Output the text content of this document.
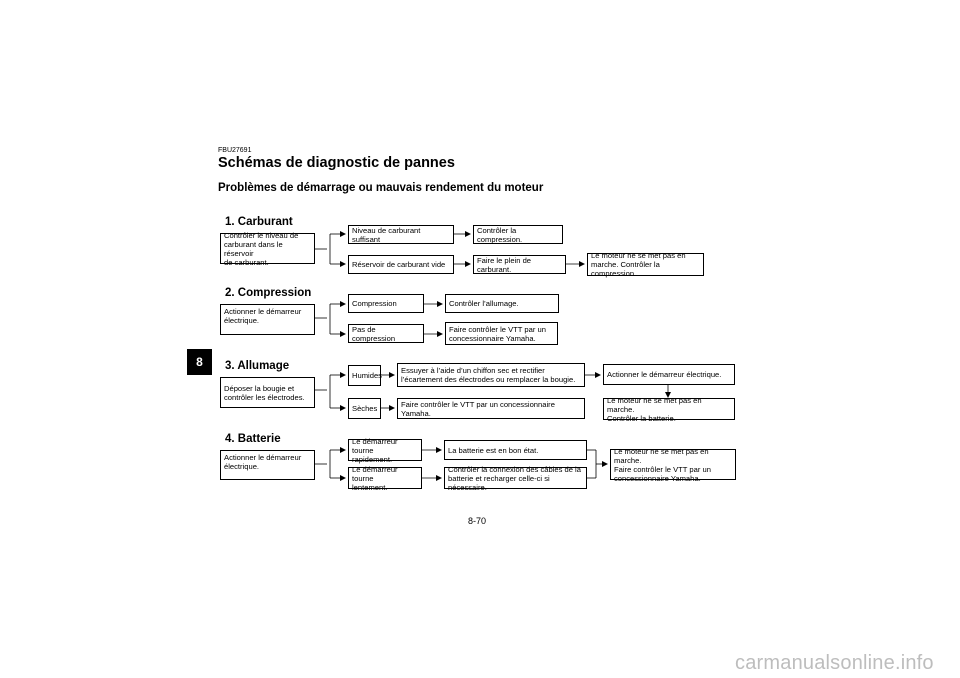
FBU27691
Schémas de diagnostic de pannes
Problèmes de démarrage ou mauvais rendement du moteur
8
1. Carburant
Contrôler le niveau de
carburant dans le réservoir
de carburant.
Niveau de carburant suffisant
Contrôler la compression.
Réservoir de carburant vide	Faire le plein de carburant.
Le moteur ne se met pas en
marche. Contrôler la compression.
2. Compression
Actionner le démarreur
électrique.
Compression	Contrôler l’allumage.
Pas de compression
Faire contrôler le VTT par un
concessionnaire Yamaha.
3. Allumage
Déposer la bougie et
contrôler les électrodes.
Humides
Essuyer à l’aide d’un chiffon sec et rectifier
l’écartement des électrodes ou remplacer la bougie.
Actionner le démarreur électrique.
Le moteur ne se met pas en marche.
Contrôler la batterie.
Sèches	Faire contrôler le VTT par un concessionnaire Yamaha.
4. Batterie
Actionner le démarreur
électrique.
Le démarreur tourne
rapidement.
La batterie est en bon état.
Le démarreur tourne
lentement.
Contrôler la connexion des câbles de la
batterie et recharger celle-ci si nécessaire.
Le moteur ne se met pas en marche.
Faire contrôler le VTT par un
concessionnaire Yamaha.
8-70
carmanualsonline.info
